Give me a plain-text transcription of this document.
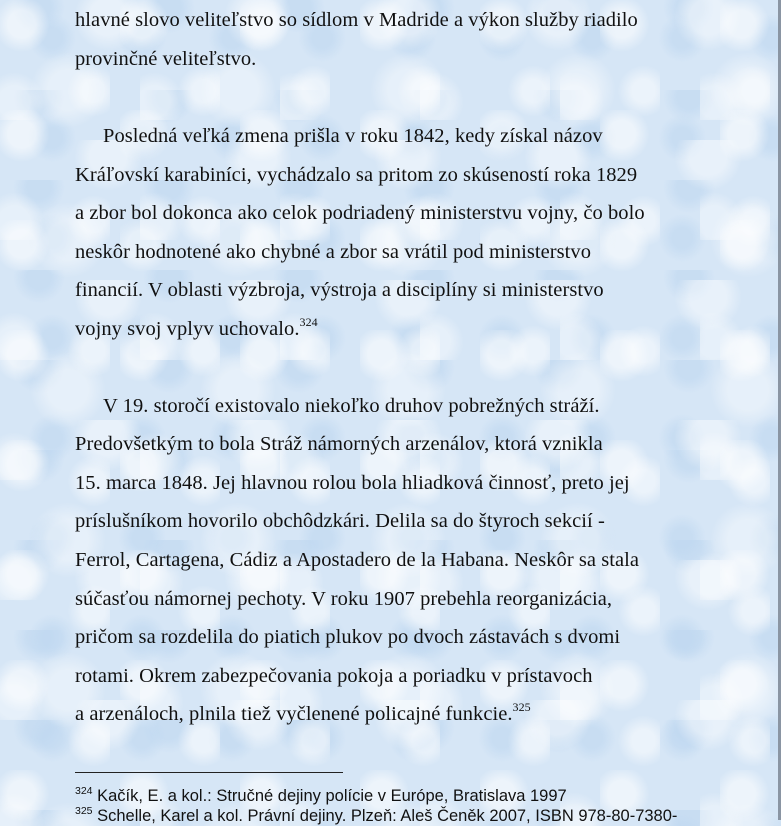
hlavné slovo veliteľstvo so sídlom v Madride a výkon služby riadilo
provinčné veliteľstvo.
Posledná veľká zmena prišla v roku 1842, kedy získal názov
Kráľovskí karabiníci, vychádzalo sa pritom zo skúseností roka 1829
a zbor bol dokonca ako celok podriadený ministerstvu vojny, čo bolo
neskôr hodnotené ako chybné a zbor sa vrátil pod ministerstvo
financií. V oblasti výzbroja, výstroja a disciplíny si ministerstvo
vojny svoj vplyv uchovalo.$^{324}$
V 19. storočí existovalo niekoľko druhov pobrežných stráží.
Predovšetkým to bola Stráž námorných arzenálov, ktorá vznikla
15. marca 1848. Jej hlavnou rolou bola hliadková činnosť, preto jej
príslušníkom hovorilo obchôdzkári. Delila sa do štyroch sekcií -
Ferrol, Cartagena, Cádiz a Apostadero de la Habana. Neskôr sa stala
súčasťou námornej pechoty. V roku 1907 prebehla reorganizácia,
pričom sa rozdelila do piatich plukov po dvoch zástavách s dvomi
rotami. Okrem zabezpečovania pokoja a poriadku v prístavoch
a arzenáloch, plnila tiež vyčlenené policajné funkcie.$^{325}$
$^{324}$ Kačík, E. a kol.: Stručné dejiny polície v Európe, Bratislava 1997
$^{325}$ Schelle, Karel a kol. Právní dejiny. Plzeň: Aleš Čeněk 2007, ISBN 978-80-7380-
